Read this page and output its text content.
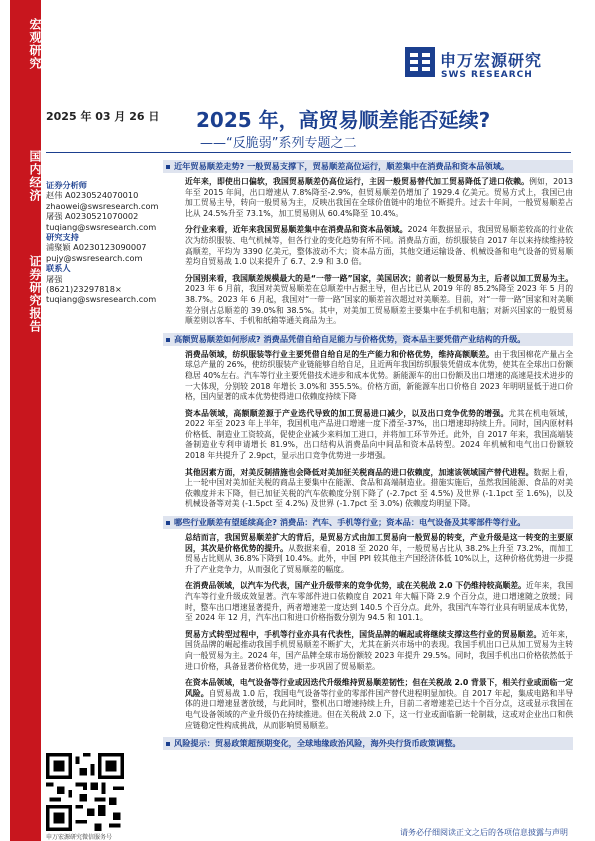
宏观研究
国内经济
证券研究报告
申万宏源研究
SWS RESEARCH
2025 年 03 月 26 日 2025 年，高贸易顺差能否延续?
——“反脆弱”系列专题之二
证券分析师
赵伟 A0230524070010
zhaowei@swsresearch.com
屠强 A0230521070002
tuqiang@swsresearch.com
研究支持
浦聚颖 A0230123090007
pujy@swsresearch.com
联系人
屠强
(8621)23297818×
tuqiang@swsresearch.com
申万宏源研究微信服务号
近年贸易顺差走势? 一般贸易支撑下，贸易顺差高位运行，顺差集中在消费品和资本品领域。

近年来，即使出口偏软，我国贸易顺差仍高位运行，主因一般贸易替代加工贸易降低了进口依赖。例如，2013 年至 2015 年间，出口增速从 7.8%降至-2.9%，但贸易顺差仍增加了 1929.4 亿美元。贸易方式上，我国已由加工贸易主导，转向一般贸易为主，反映出我国在全球价值链中的地位不断提升。过去十年间，一般贸易顺差占比从 24.5%升至 73.1%，加工贸易则从 60.4%降至 10.4%。

分行业来看，近年来我国贸易顺差集中在消费品和资本品领域。2024 年数据显示，我国贸易顺差较高的行业依次为纺织服装、电气机械等，但各行业的变化趋势有所不同。消费品方面，纺织服装自 2017 年以来持续维持较高顺差，平均为 3390 亿美元，整体波动不大；资本品方面，其他交通运输设备、机械设备和电气设备的贸易顺差均自贸易战 1.0 以来提升了 6.7、2.9 和 3.0 倍。

分国别来看，我国顺差规模最大的是“一带一路”国家，美国居次；前者以一般贸易为主，后者以加工贸易为主。2023 年 6 月前，我国对美贸易顺差在总顺差中占据主导，但占比已从 2019 年的 85.2%降至 2023 年 5 月的 38.7%。2023 年 6 月起，我国对“一带一路”国家的顺差首次超过对美顺差。目前，对“一带一路”国家和对美顺差分别占总顺差的 39.0%和 38.5%。其中，对美加工贸易顺差主要集中在手机和电脑；对新兴国家的一般贸易顺差则以客车、手机和纸箱等通关商品为主。

高额贸易顺差如何形成? 消费品凭借自给自足能力与价格优势，资本品主要凭借产业结构的升级。

消费品领域，纺织服装等行业主要凭借自给自足的生产能力和价格优势，维持高额顺差。由于我国棉花产量占全球总产量的 26%，使纺织服装产业链能够自给自足，且近两年我国纺织服装凭借成本优势，使其在全球出口份额稳居 40%左右。汽车等行业主要凭借技术进步和成本优势。新能源车的出口份额及出口增速的高速是技术进步的一大体现，分别较 2018 年增长 3.0%和 355.5%。价格方面，新能源车出口价格自 2023 年明明显低于进口价格，国内显著的成本优势使得进口依赖度持续下降

资本品领域，高额顺差源于产业迭代导致的加工贸易进口减少，以及出口竞争优势的增强。尤其在机电领域，2022 年至 2023 年上半年，我国机电产品进口增速一度下滑至-37%，出口增速却持续上升。同时，国内原材料价格低、制造业工资较高，促使企业减少来料加工进口，并将加工环节外迁。此外，自 2017 年来，我国高端装备制造业专利申请增长 81.9%，出口结构从消费品向中间品和资本品转型。2024 年机械和电气出口份额较 2018 年共提升了 2.9pct，显示出口竞争优势进一步增强。

其他因素方面，对美反制措施也会降低对美加征关税商品的进口依赖度，加速该领域国产替代进程。数据上看，上一轮中国对美加征关税的商品主要集中在能源、食品和高端制造业。措施实施后，虽然我国能源、食品的对美依赖度并未下降，但已加征关税的汽车依赖度分别下降了 (-2.7pct 至 4.5%) 及世界 (-1.1pct 至 1.6%)，以及机械设备等对美 (-1.5pct 至 4.2%) 及世界 (-1.7pct 至 3.0%) 依赖度均明显下降。

哪些行业顺差有望延续高企? 消费品：汽车、手机等行业；资本品：电气设备及其零部件等行业。

总结而言，我国贸易顺差扩大的背后，是贸易方式由加工贸易向一般贸易的转变，产业升级是这一转变的主要原因，其次是价格优势的提升。从数据来看，2018 至 2020 年，一般贸易占比从 38.2%上升至 73.2%，而加工贸易占比则从 36.8%下降到 10.4%。此外，中国 PPI 较其他主产国经济体低 10%以上，这种价格优势进一步提升了产业竞争力，从而强化了贸易顺差的幅度。

在消费品领域，以汽车为代表，国产业升级带来的竞争优势，或在关税战 2.0 下仍维持较高顺差。近年来，我国汽车等行业升级成效显著。汽车零部件进口依赖度自 2021 年大幅下降 2.9 个百分点，进口增速随之放缓；同时，整车出口增速显著提升，两者增速差一度达到 140.5 个百分点。此外，我国汽车等行业具有明显成本优势，至 2024 年 12 月，汽车出口和进口价格指数分别为 94.5 和 101.1。

贸易方式转型过程中，手机等行业亦具有代表性，国货品牌的崛起或将继续支撑这些行业的贸易顺差。近年来，国货品牌的崛起推动我国手机贸易顺差不断扩大，尤其在新兴市场中的表现。我国手机出口已从加工贸易为主转向一般贸易为主。2024 年，国产品牌全球市场份额较 2023 年提升 29.5%。同时，我国手机出口价格依然低于进口价格，具备显著价格优势，进一步巩固了贸易顺差。

在资本品领域，电气设备等行业或因迭代升级维持贸易顺差韧性；但在关税战 2.0 背景下，相关行业或面临一定风险。自贸易战 1.0 后，我国电气设备等行业的零部件国产替代进程明显加快。自 2017 年起，集成电路和半导体的进口增速显著放缓，与此同时，整机出口增速持续上升，目前二者增速差已达十个百分点，这或显示我国在电气设备领域的产业升级仍在持续推进。但在关税战 2.0 下，这一行业或面临新一轮制裁，这或对企业出口和供应链稳定性构成挑战，从而影响贸易顺差。

风险提示：贸易政策超预期变化，全球地缘政治风险，海外央行货币政策调整。
请务必仔细阅读正文之后的各项信息披露与声明
